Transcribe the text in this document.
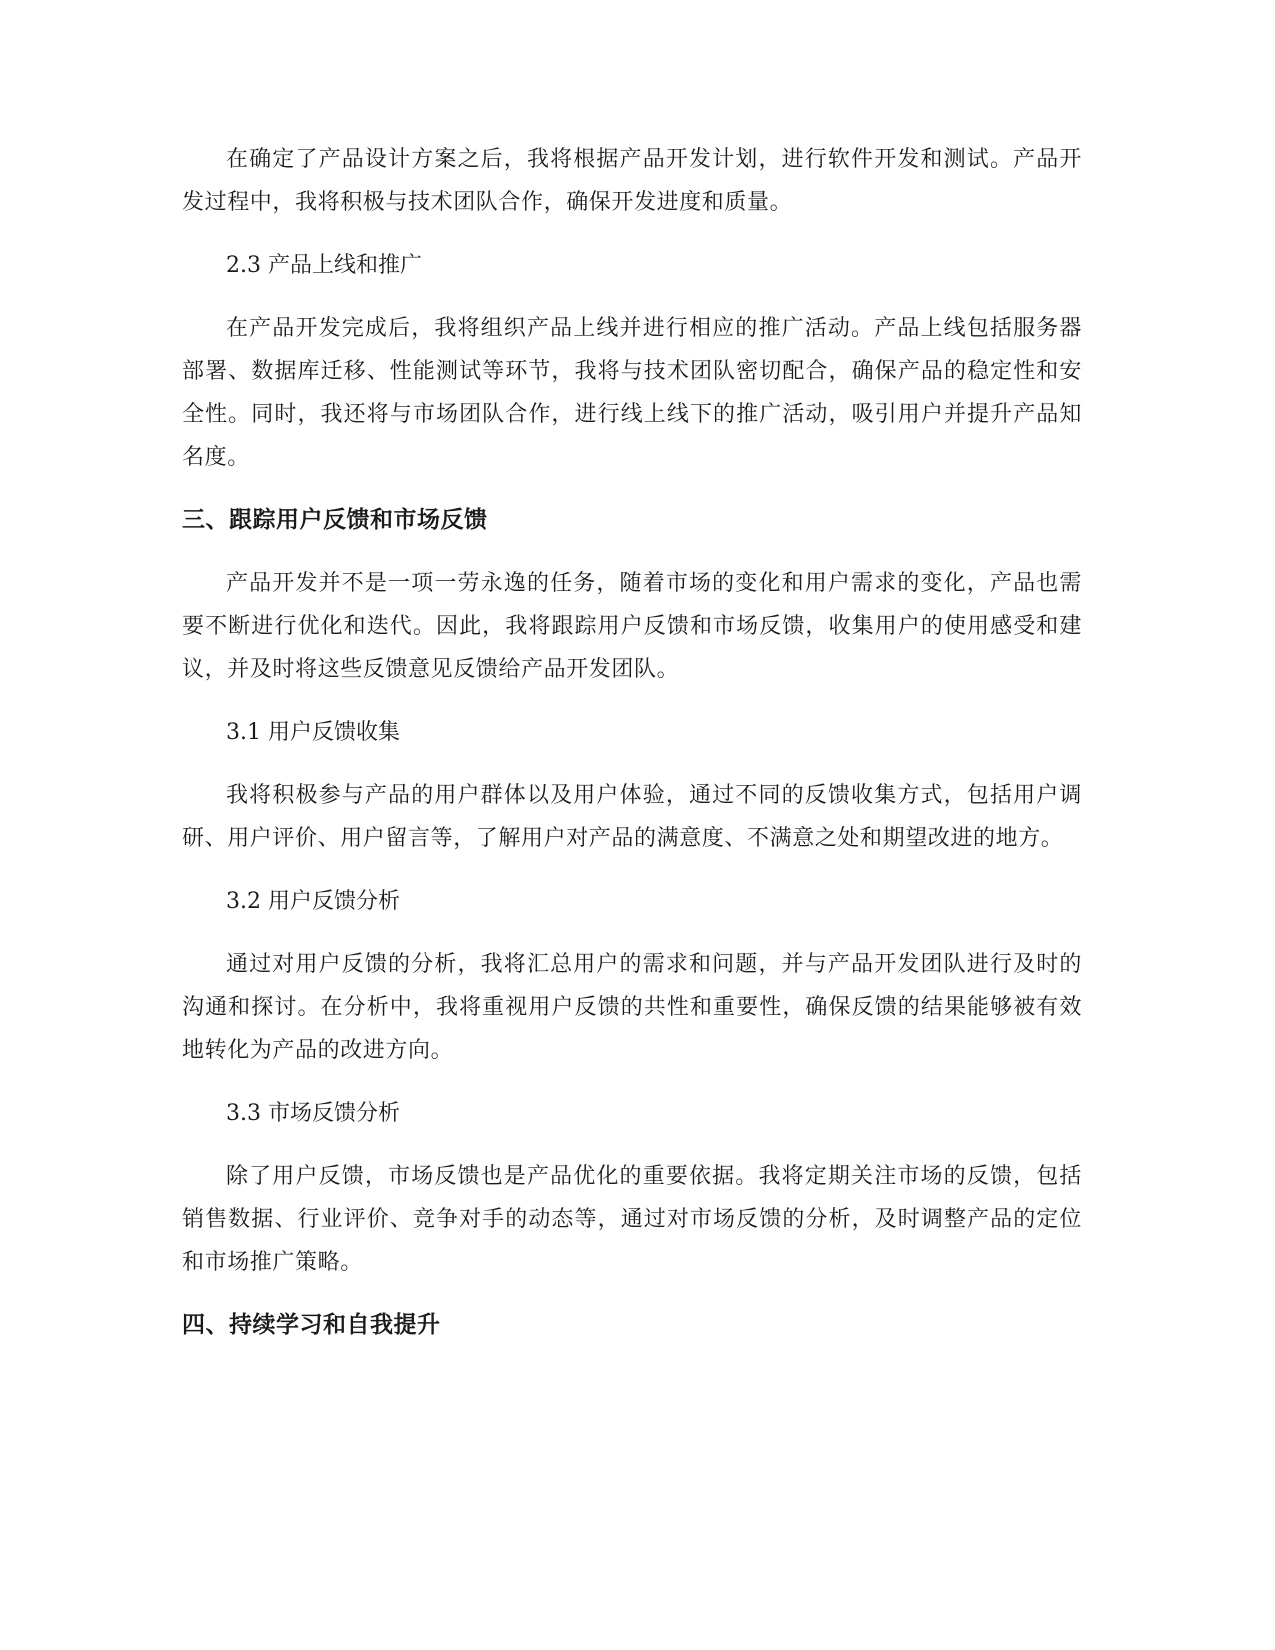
在确定了产品设计方案之后，我将根据产品开发计划，进行软件开发和测试。产品开发过程中，我将积极与技术团队合作，确保开发进度和质量。

2.3 产品上线和推广

在产品开发完成后，我将组织产品上线并进行相应的推广活动。产品上线包括服务器部署、数据库迁移、性能测试等环节，我将与技术团队密切配合，确保产品的稳定性和安全性。同时，我还将与市场团队合作，进行线上线下的推广活动，吸引用户并提升产品知名度。

三、跟踪用户反馈和市场反馈

产品开发并不是一项一劳永逸的任务，随着市场的变化和用户需求的变化，产品也需要不断进行优化和迭代。因此，我将跟踪用户反馈和市场反馈，收集用户的使用感受和建议，并及时将这些反馈意见反馈给产品开发团队。

3.1 用户反馈收集

我将积极参与产品的用户群体以及用户体验，通过不同的反馈收集方式，包括用户调研、用户评价、用户留言等，了解用户对产品的满意度、不满意之处和期望改进的地方。

3.2 用户反馈分析

通过对用户反馈的分析，我将汇总用户的需求和问题，并与产品开发团队进行及时的沟通和探讨。在分析中，我将重视用户反馈的共性和重要性，确保反馈的结果能够被有效地转化为产品的改进方向。

3.3 市场反馈分析

除了用户反馈，市场反馈也是产品优化的重要依据。我将定期关注市场的反馈，包括销售数据、行业评价、竞争对手的动态等，通过对市场反馈的分析，及时调整产品的定位和市场推广策略。

四、持续学习和自我提升
